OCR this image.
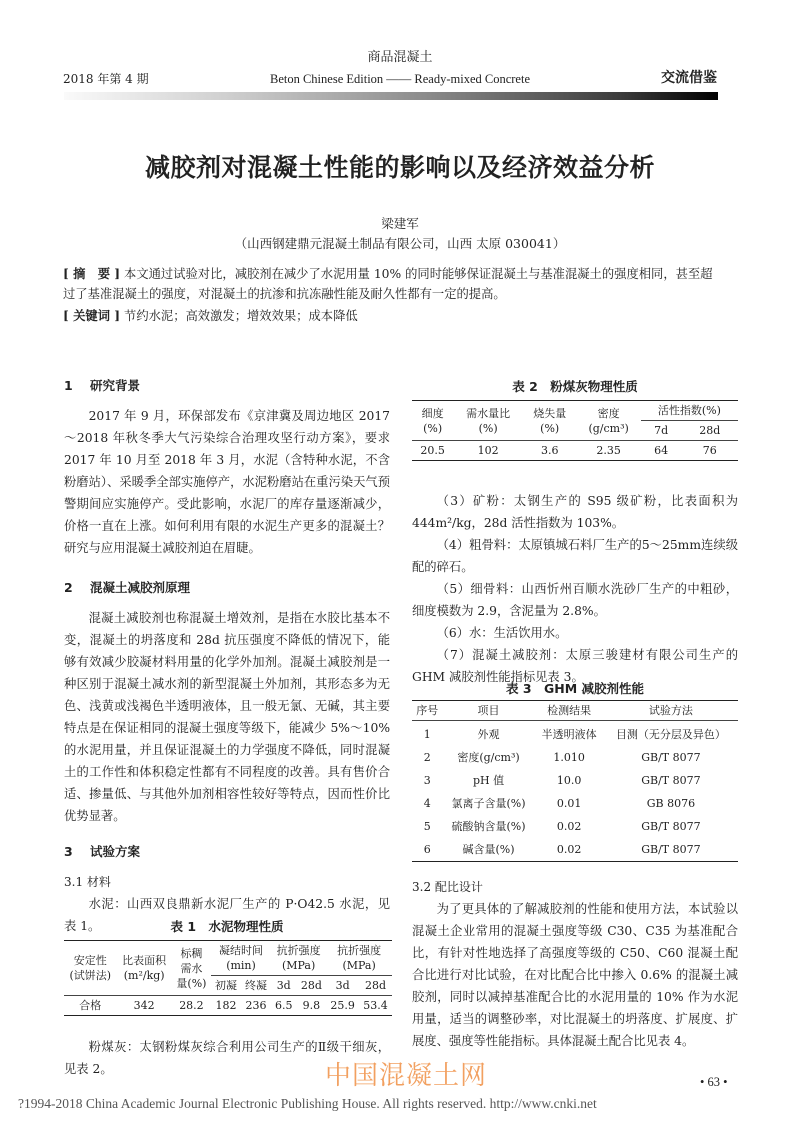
商品混凝土
2018 年第 4 期	Beton Chinese Edition —— Ready-mixed Concrete	交流借鉴
减胶剂对混凝土性能的影响以及经济效益分析
梁建军
（山西钢建鼎元混凝土制品有限公司，山西 太原 030041）
[ 摘　要 ] 本文通过试验对比，减胶剂在减少了水泥用量 10% 的同时能够保证混凝土与基准混凝土的强度相同，甚至超过了基准混凝土的强度，对混凝土的抗渗和抗冻融性能及耐久性都有一定的提高。
[ 关键词 ] 节约水泥；高效激发；增效效果；成本降低
1 研究背景

2017 年 9 月，环保部发布《京津冀及周边地区 2017～2018 年秋冬季大气污染综合治理攻坚行动方案》，要求 2017 年 10 月至 2018 年 3 月，水泥（含特种水泥，不含粉磨站）、采暖季全部实施停产，水泥粉磨站在重污染天气预警期间应实施停产。受此影响，水泥厂的库存量逐渐减少，价格一直在上涨。如何利用有限的水泥生产更多的混凝土？研究与应用混凝土减胶剂迫在眉睫。

2 混凝土减胶剂原理

混凝土减胶剂也称混凝土增效剂，是指在水胶比基本不变，混凝土的坍落度和 28d 抗压强度不降低的情况下，能够有效减少胶凝材料用量的化学外加剂。混凝土减胶剂是一种区别于混凝土减水剂的新型混凝土外加剂，其形态多为无色、浅黄或浅褐色半透明液体，且一般无氯、无碱，其主要特点是在保证相同的混凝土强度等级下，能减少 5%～10% 的水泥用量，并且保证混凝土的力学强度不降低，同时混凝土的工作性和体积稳定性都有不同程度的改善。具有售价合适、掺量低、与其他外加剂相容性较好等特点，因而性价比优势显著。

3 试验方案
3.1 材料

水泥：山西双良鼎新水泥厂生产的 P·O42.5 水泥，见表 1。	表 1　水泥物理性质
安定性
(试饼法)	比表面积
(m²/kg)	标稠
需水
量(%)	凝结时间
(min)		抗折强度
(MPa)		抗折强度
(MPa)	
			初凝	终凝	3d	28d	3d	28d
合格	342	28.2	182	236	6.5	9.8	25.9	53.4

粉煤灰：太钢粉煤灰综合利用公司生产的Ⅱ级干细灰，见表 2。

表 2　粉煤灰物理性质
细度
(%)	需水量比
(%)	烧失量
(%)	密度
(g/cm³)	活性指数(%)	
				7d	28d
20.5	102	3.6	2.35	64	76

（3）矿粉：太钢生产的 S95 级矿粉，比表面积为 444m²/kg，28d 活性指数为 103%。

（4）粗骨料：太原镇城石料厂生产的5～25mm连续级配的碎石。

（5）细骨料：山西忻州百顺水洗砂厂生产的中粗砂，细度模数为 2.9，含泥量为 2.8%。

（6）水：生活饮用水。

（7）混凝土减胶剂：太原三骏建材有限公司生产的 GHM 减胶剂性能指标见表 3。

表 3　GHM 减胶剂性能
序号	项目	检测结果	试验方法
1	外观	半透明液体	目测（无分层及异色）
2	密度(g/cm³)	1.010	GB/T 8077
3	pH 值	10.0	GB/T 8077
4	氯离子含量(%)	0.01	GB 8076
5	硫酸钠含量(%)	0.02	GB/T 8077
6	碱含量(%)	0.02	GB/T 8077
3.2 配比设计

为了更具体的了解减胶剂的性能和使用方法，本试验以混凝土企业常用的混凝土强度等级 C30、C35 为基准配合比，有针对性地选择了高强度等级的 C50、C60 混凝土配合比进行对比试验，在对比配合比中掺入 0.6% 的混凝土减胶剂，同时以减掉基准配合比的水泥用量的 10% 作为水泥用量，适当的调整砂率，对比混凝土的坍落度、扩展度、扩展度、强度等性能指标。具体混凝土配合比见表 4。

• 63 •
中国混凝土网
?1994-2018 China Academic Journal Electronic Publishing House. All rights reserved. http://www.cnki.net
